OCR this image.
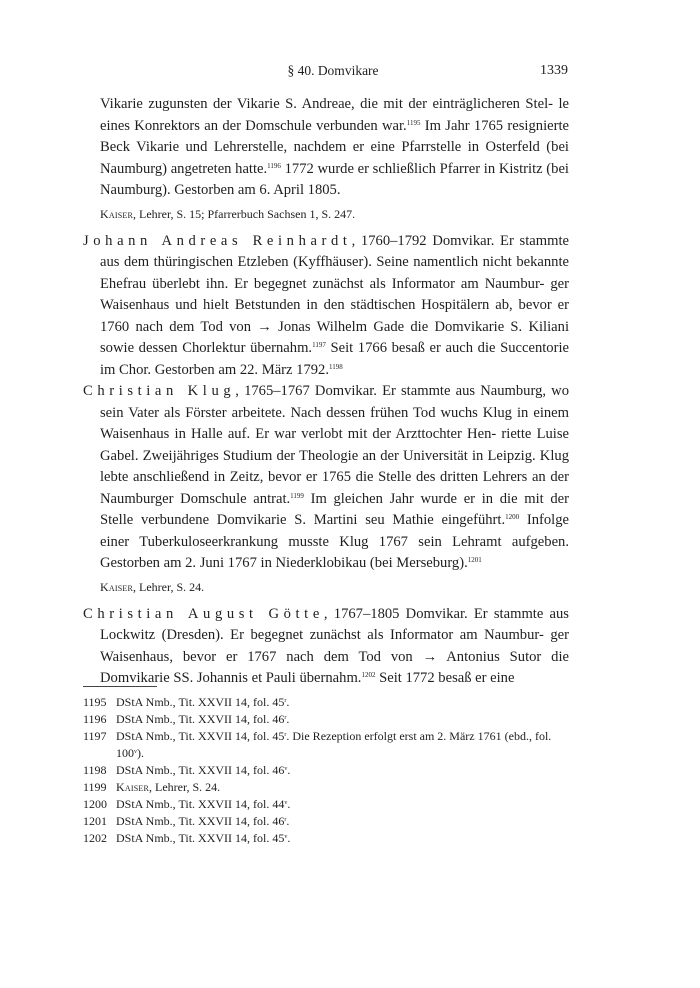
§ 40. Domvikare	1339

Vikarie zugunsten der Vikarie S. Andreae, die mit der einträglicheren Stel- le eines Konrektors an der Domschule verbunden war.$^{1195}$ Im Jahr 1765 resignierte Beck Vikarie und Lehrerstelle, nachdem er eine Pfarrstelle in Osterfeld (bei Naumburg) angetreten hatte.$^{1196}$ 1772 wurde er schließlich Pfarrer in Kistritz (bei Naumburg). Gestorben am 6. April 1805.

Kaiser, Lehrer, S. 15; Pfarrerbuch Sachsen 1, S. 247.

Johann Andreas Reinhardt, 1760–1792 Domvikar. Er stammte aus dem thüringischen Etzleben (Kyffhäuser). Seine namentlich nicht bekannte Ehefrau überlebt ihn. Er begegnet zunächst als Informator am Naumbur- ger Waisenhaus und hielt Betstunden in den städtischen Hospitälern ab, bevor er 1760 nach dem Tod von → Jonas Wilhelm Gade die Domvikarie S. Kiliani sowie dessen Chorlektur übernahm.$^{1197}$ Seit 1766 besaß er auch die Succentorie im Chor. Gestorben am 22. März 1792.$^{1198}$

Christian Klug, 1765–1767 Domvikar. Er stammte aus Naumburg, wo sein Vater als Förster arbeitete. Nach dessen frühen Tod wuchs Klug in einem Waisenhaus in Halle auf. Er war verlobt mit der Arzttochter Hen- riette Luise Gabel. Zweijähriges Studium der Theologie an der Universität in Leipzig. Klug lebte anschließend in Zeitz, bevor er 1765 die Stelle des dritten Lehrers an der Naumburger Domschule antrat.$^{1199}$ Im gleichen Jahr wurde er in die mit der Stelle verbundene Domvikarie S. Martini seu Mathie eingeführt.$^{1200}$ Infolge einer Tuberkuloseerkrankung musste Klug 1767 sein Lehramt aufgeben. Gestorben am 2. Juni 1767 in Niederklobikau (bei Merseburg).$^{1201}$

Kaiser, Lehrer, S. 24.

Christian August Götte, 1767–1805 Domvikar. Er stammte aus Lockwitz (Dresden). Er begegnet zunächst als Informator am Naumbur- ger Waisenhaus, bevor er 1767 nach dem Tod von → Antonius Sutor die Domvikarie SS. Johannis et Pauli übernahm.$^{1202}$ Seit 1772 besaß er eine

1195 DStA Nmb., Tit. XXVII 14, fol. 45$^r$.
1196 DStA Nmb., Tit. XXVII 14, fol. 46$^r$.
1197 DStA Nmb., Tit. XXVII 14, fol. 45$^r$. Die Rezeption erfolgt erst am 2. März 1761 (ebd., fol. 100$^v$).
1198 DStA Nmb., Tit. XXVII 14, fol. 46$^v$.
1199 Kaiser, Lehrer, S. 24.
1200 DStA Nmb., Tit. XXVII 14, fol. 44$^v$.
1201 DStA Nmb., Tit. XXVII 14, fol. 46$^r$.
1202 DStA Nmb., Tit. XXVII 14, fol. 45$^v$.
